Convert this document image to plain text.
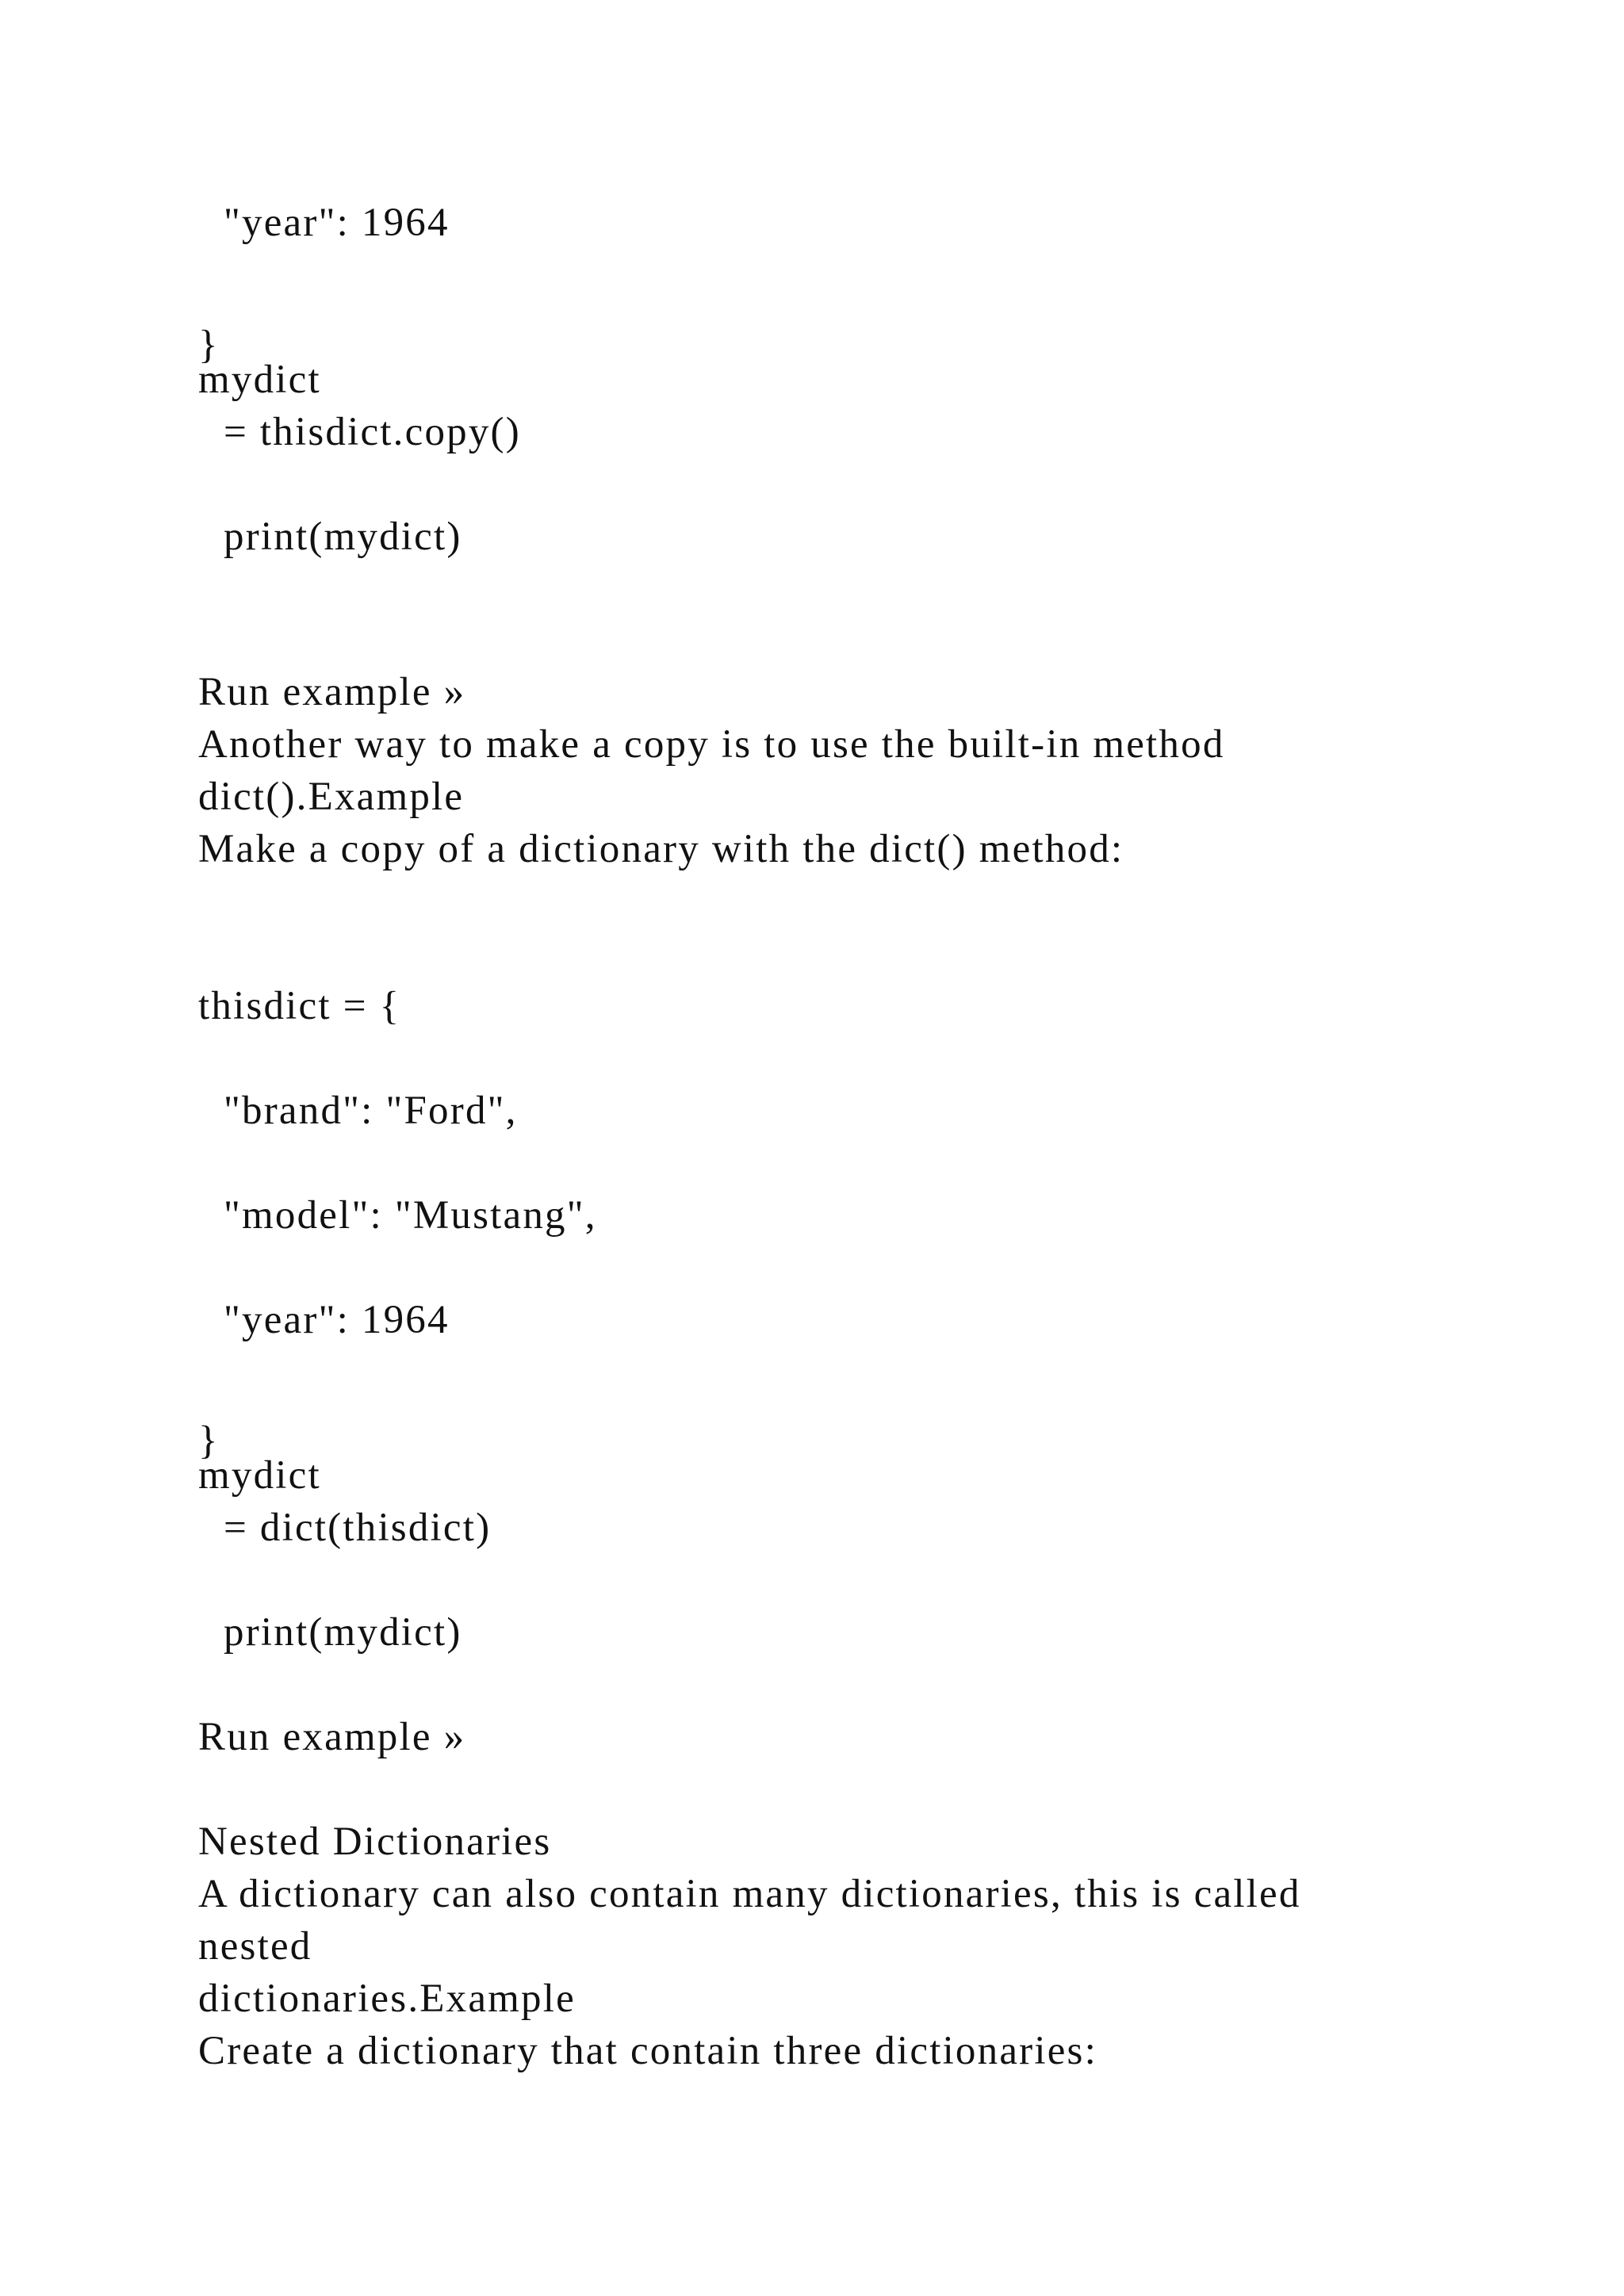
"year": 1964

}

mydict

= thisdict.copy()

print(mydict)

Run example »

Another way to make a copy is to use the built-in method

dict().Example

Make a copy of a dictionary with the dict() method:

thisdict = {

"brand": "Ford",

"model": "Mustang",

"year": 1964

}

mydict

= dict(thisdict)

print(mydict)

Run example »

Nested Dictionaries

A dictionary can also contain many dictionaries, this is called

nested

dictionaries.Example

Create a dictionary that contain three dictionaries:
